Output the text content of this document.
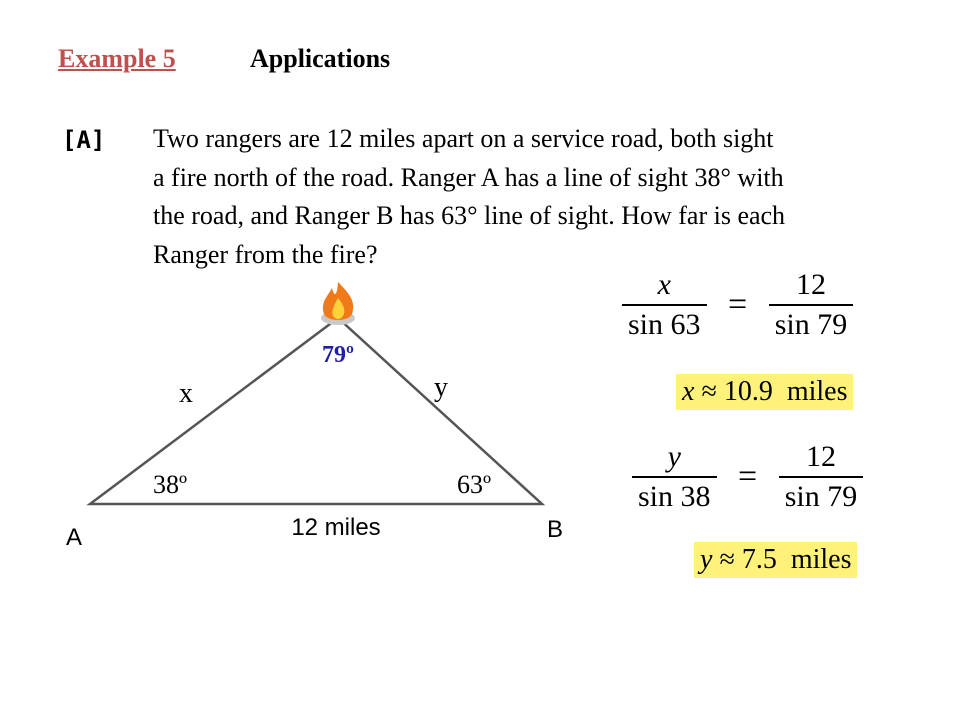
Example 5	Applications
[A] Two rangers are 12 miles apart on a service road, both sight
a fire north of the road. Ranger A has a line of sight 38° with
the road, and Ranger B has 63° line of sight. How far is each
Ranger from the fire?
79º
x	y
38º	63º
12 miles
A	B
$\frac{x}{\sin 63} = \frac{12}{\sin 79}$
x ≈ 10.9 miles
$\frac{y}{\sin 38} = \frac{12}{\sin 79}$
y ≈ 7.5 miles
